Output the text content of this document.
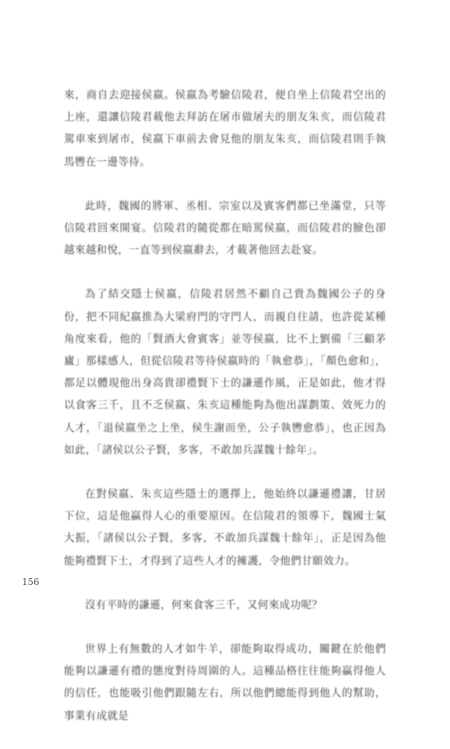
來，商自去迎接侯嬴。侯嬴為考驗信陵君，便自坐上信陵君空出的上座，還讓信陵君載他去拜訪在屠市做屠夫的朋友朱亥，而信陵君駕車來到屠市，侯嬴下車前去會見他的朋友朱亥，而信陵君則手執馬轡在一邊等待。

此時，魏國的將軍、丞相、宗室以及賓客們都已坐滿堂，只等信陵君回來開宴。信陵君的隨從都在暗罵侯嬴，而信陵君的臉色卻越來越和悅，一直等到侯嬴辭去，才載著他回去赴宴。

為了結交隱士侯嬴，信陵君居然不顧自己貴為魏國公子的身份，把不同紀嬴推為大梁府門的守門人，而親自往請，也許從某種角度來看，他的「賢酒大會賓客」並等侯嬴，比不上劉備「三顧茅廬」那樣感人，但從信陵君等待侯嬴時的「執愈恭」，「顏色愈和」，都足以體現他出身高貴卻禮賢下士的謙遜作風，正是如此，他才得以食客三千，且不乏侯嬴、朱亥這種能夠為他出謀劃策、效死力的人才，「退侯嬴坐之上坐，侯生謝而坐，公子執轡愈恭」，也正因為如此，「諸侯以公子賢，多客，不敢加兵謀魏十餘年」。

在對侯嬴、朱亥這些隱士的選擇上，他始終以謙遜禮讓，甘居下位，這是他贏得人心的重要原因。在信陵君的領導下，魏國士氣大振，「諸侯以公子賢，多客，不敢加兵謀魏十餘年」，正是因為他能夠禮賢下士，才得到了這些人才的擁護，令他們甘願效力。

沒有平時的謙遜，何來食客三千，又何來成功呢？

世界上有無數的人才如牛羊，卻能夠取得成功，關鍵在於他們能夠以謙遜有禮的態度對待周圍的人。這種品格往往能夠贏得他人的信任，也能吸引他們跟隨左右，所以他們總能得到他人的幫助，事業有成就是

156
